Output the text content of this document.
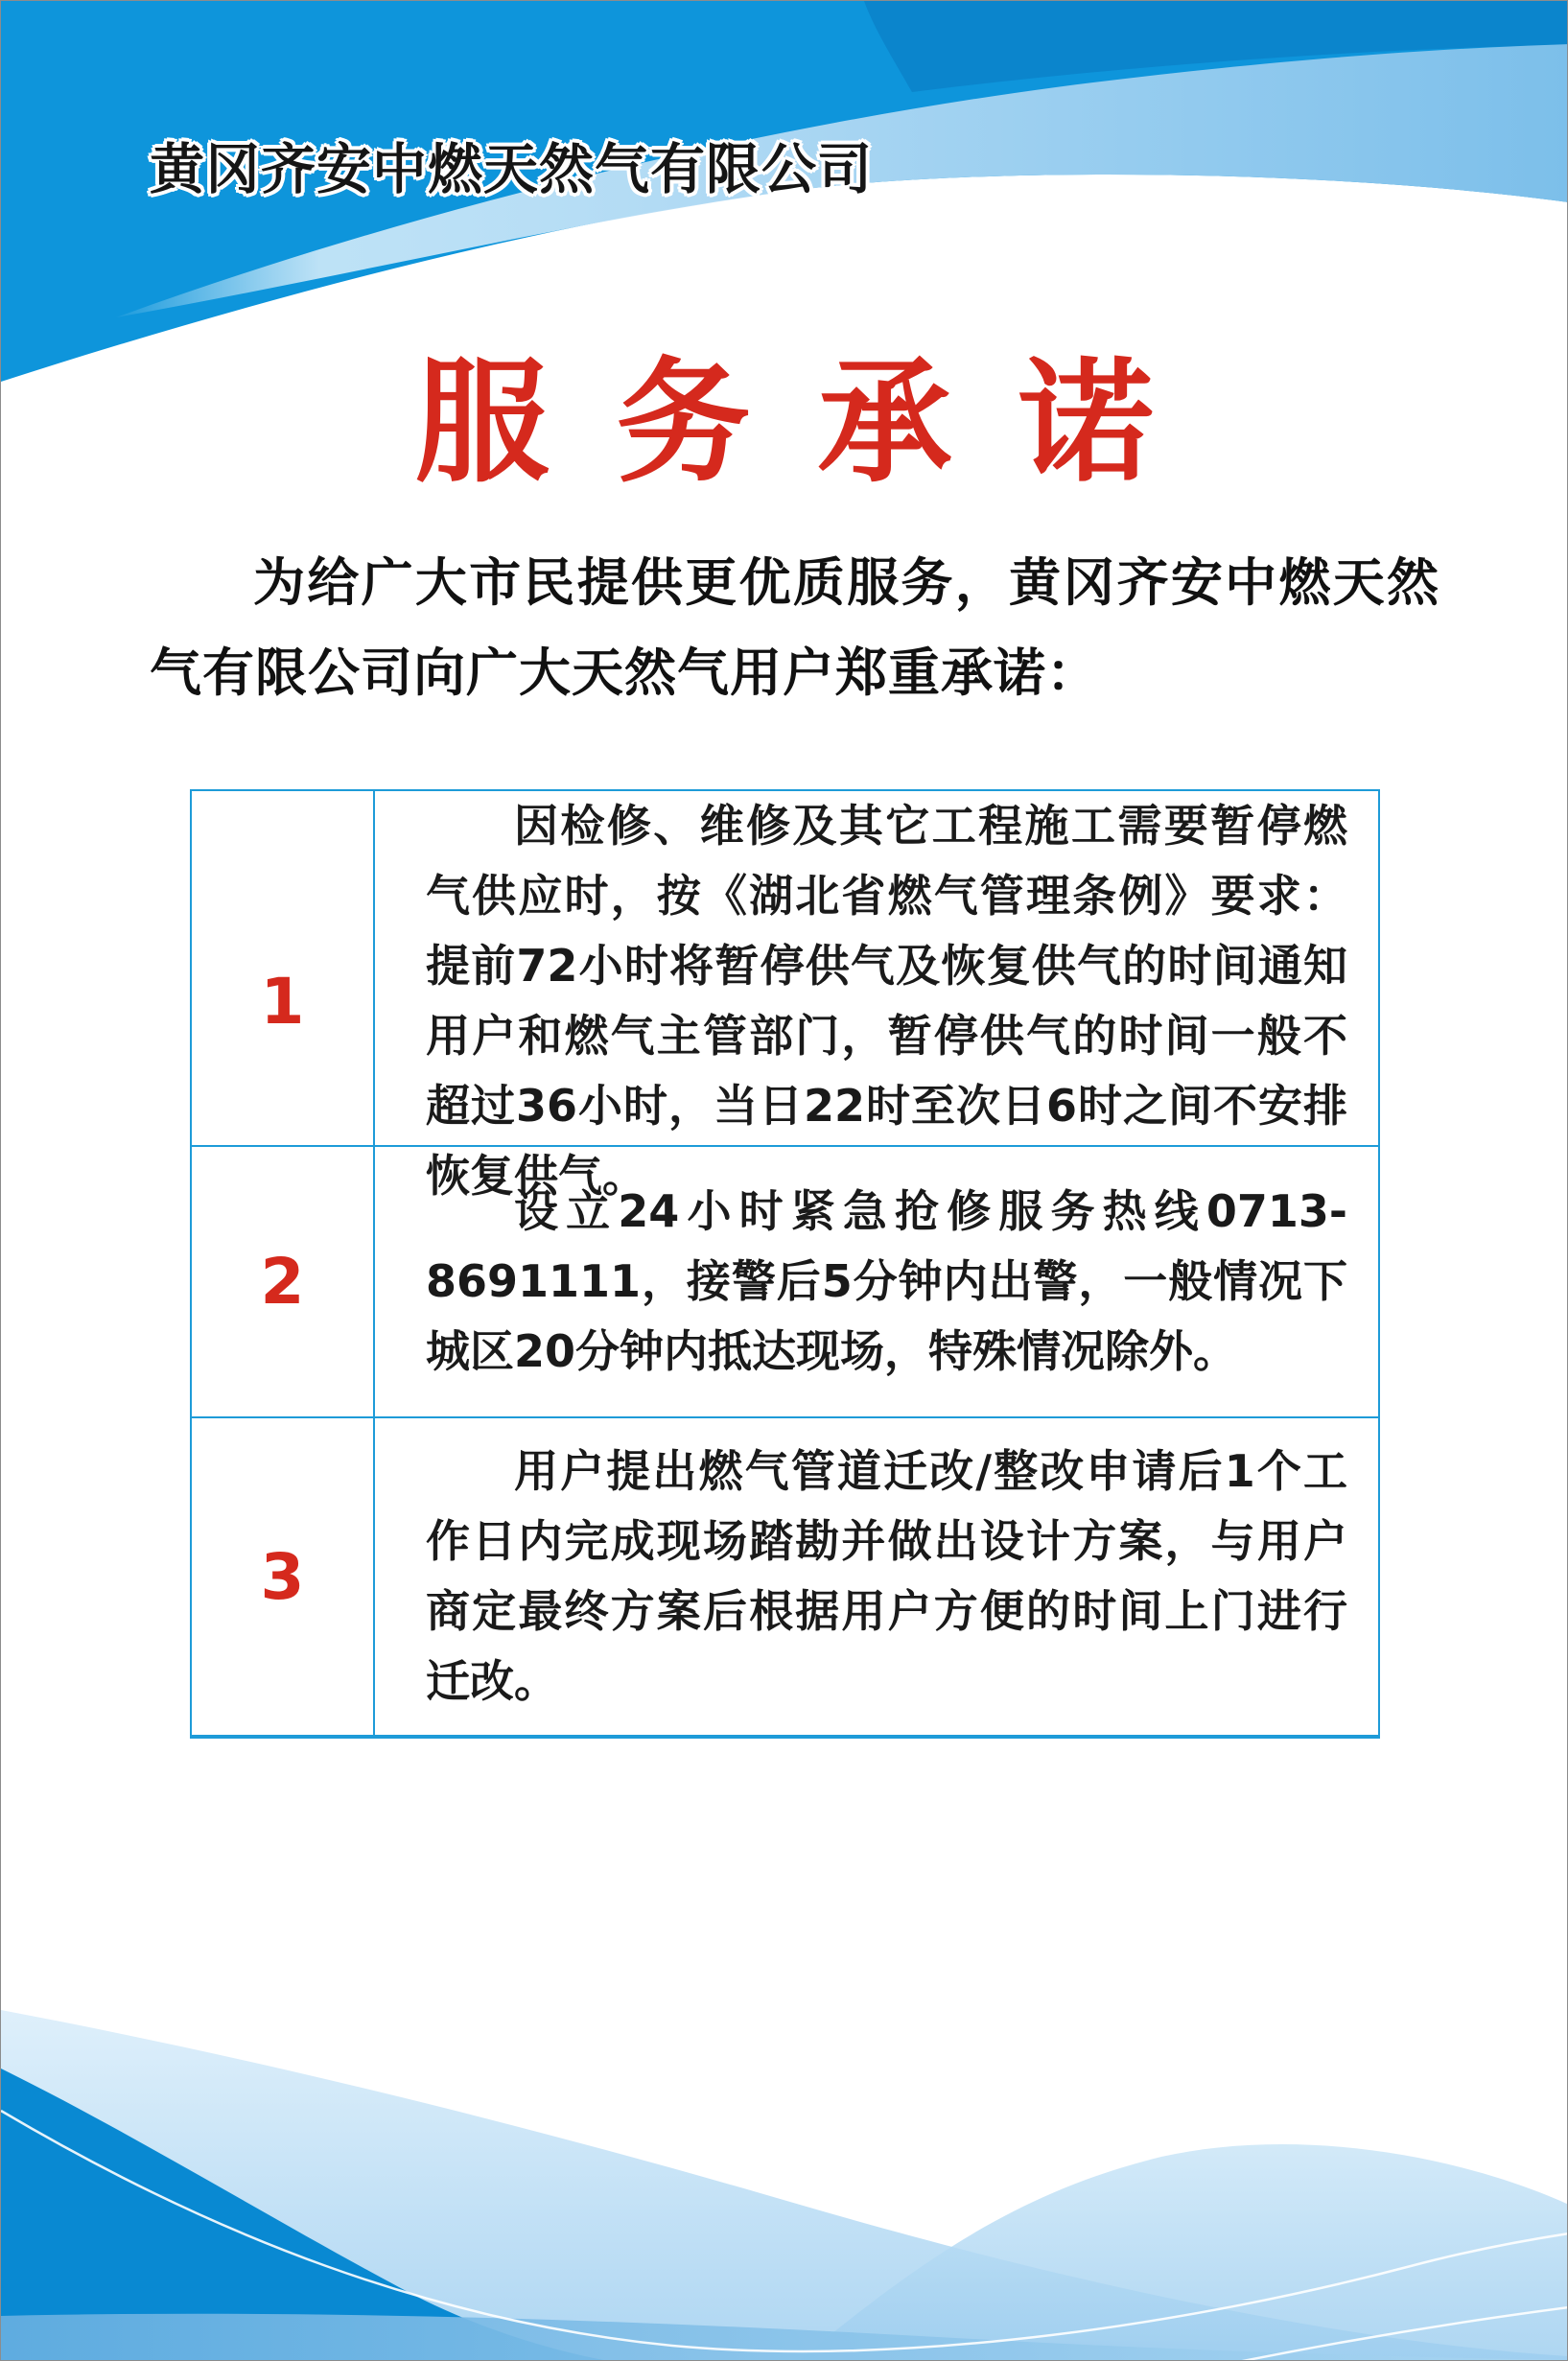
黄冈齐安中燃天然气有限公司
服务承诺
为给广大市民提供更优质服务，黄冈齐安中燃天然气有限公司向广大天然气用户郑重承诺：
1
因检修、维修及其它工程施工需要暂停燃气供应时，按《湖北省燃气管理条例》要求：提前72小时将暂停供气及恢复供气的时间通知用户和燃气主管部门，暂停供气的时间一般不超过36小时，当日22时至次日6时之间不安排恢复供气。
2
设立24小时紧急抢修服务热线0713-8691111，接警后5分钟内出警，一般情况下城区20分钟内抵达现场，特殊情况除外。
3
用户提出燃气管道迁改/整改申请后1个工作日内完成现场踏勘并做出设计方案，与用户商定最终方案后根据用户方便的时间上门进行迁改。
